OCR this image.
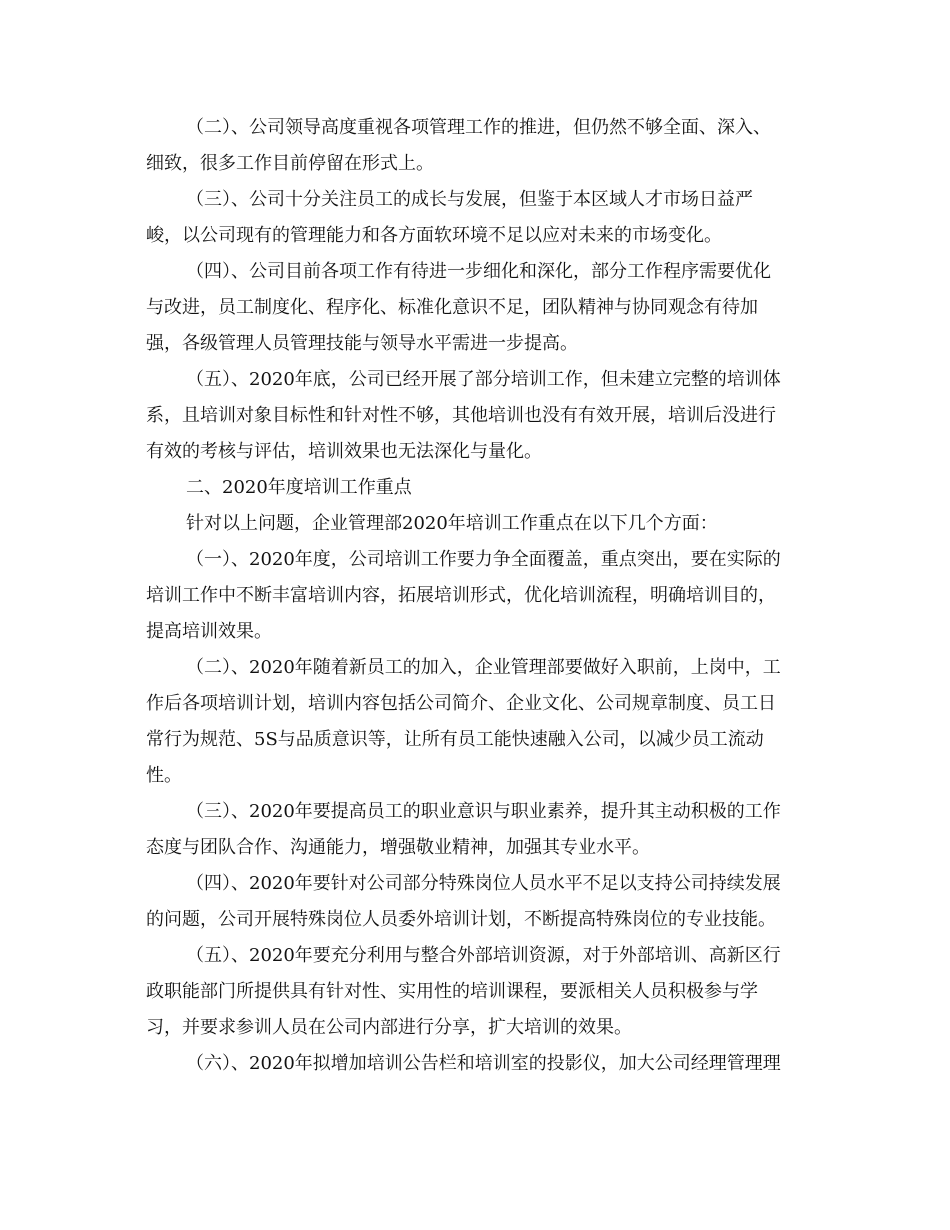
（二）、公司领导高度重视各项管理工作的推进，但仍然不够全面、深入、
细致，很多工作目前停留在形式上。
（三）、公司十分关注员工的成长与发展，但鉴于本区域人才市场日益严
峻，以公司现有的管理能力和各方面软环境不足以应对未来的市场变化。
（四）、公司目前各项工作有待进一步细化和深化，部分工作程序需要优化
与改进，员工制度化、程序化、标准化意识不足，团队精神与协同观念有待加
强，各级管理人员管理技能与领导水平需进一步提高。
（五）、2020年底，公司已经开展了部分培训工作，但未建立完整的培训体
系，且培训对象目标性和针对性不够，其他培训也没有有效开展，培训后没进行
有效的考核与评估，培训效果也无法深化与量化。
二、2020年度培训工作重点
针对以上问题，企业管理部2020年培训工作重点在以下几个方面：
（一）、2020年度，公司培训工作要力争全面覆盖，重点突出，要在实际的
培训工作中不断丰富培训内容，拓展培训形式，优化培训流程，明确培训目的，
提高培训效果。
（二）、2020年随着新员工的加入，企业管理部要做好入职前，上岗中，工
作后各项培训计划，培训内容包括公司简介、企业文化、公司规章制度、员工日
常行为规范、5S与品质意识等，让所有员工能快速融入公司，以减少员工流动
性。
（三）、2020年要提高员工的职业意识与职业素养，提升其主动积极的工作
态度与团队合作、沟通能力，增强敬业精神，加强其专业水平。
（四）、2020年要针对公司部分特殊岗位人员水平不足以支持公司持续发展
的问题，公司开展特殊岗位人员委外培训计划，不断提高特殊岗位的专业技能。
（五）、2020年要充分利用与整合外部培训资源，对于外部培训、高新区行
政职能部门所提供具有针对性、实用性的培训课程，要派相关人员积极参与学
习，并要求参训人员在公司内部进行分享，扩大培训的效果。
（六）、2020年拟增加培训公告栏和培训室的投影仪，加大公司经理管理理
